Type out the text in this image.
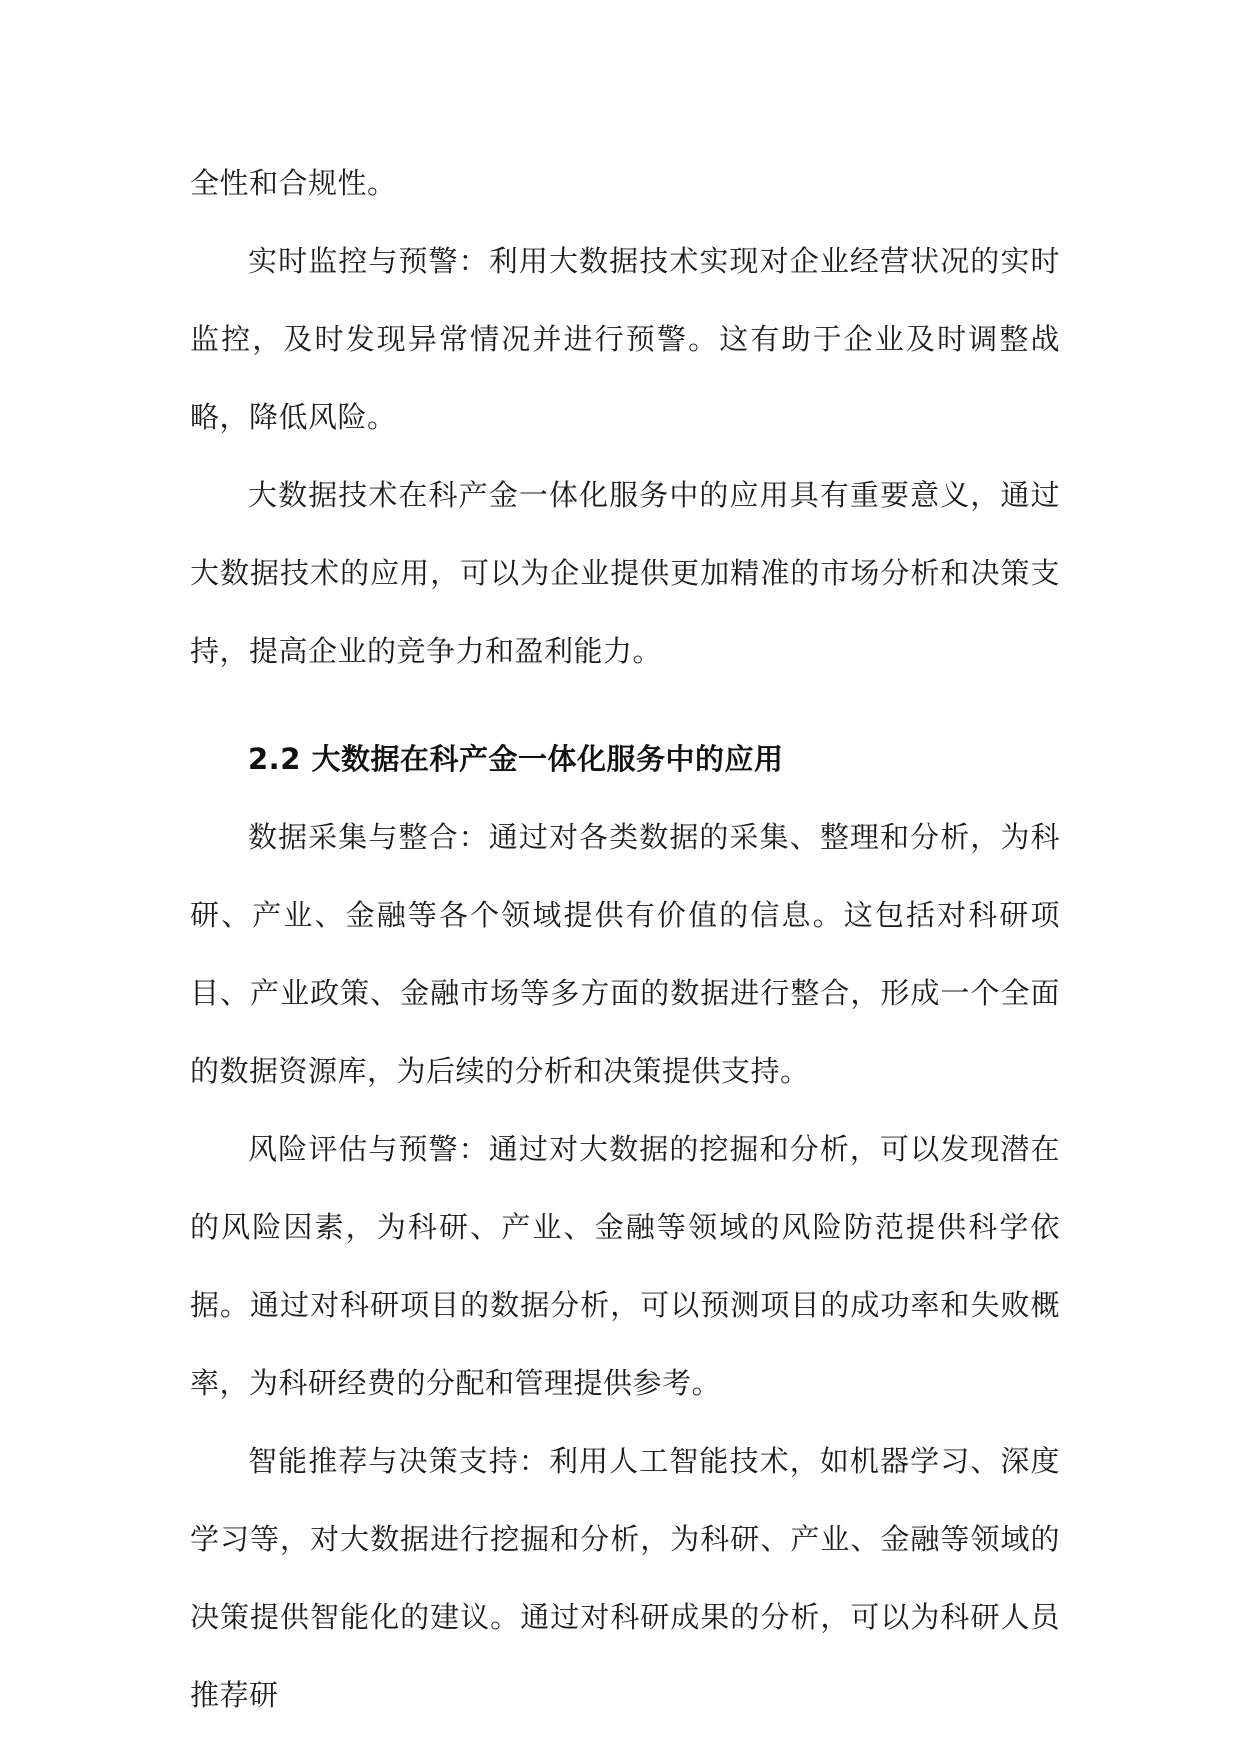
全性和合规性。

实时监控与预警：利用大数据技术实现对企业经营状况的实时监控，及时发现异常情况并进行预警。这有助于企业及时调整战略，降低风险。

大数据技术在科产金一体化服务中的应用具有重要意义，通过大数据技术的应用，可以为企业提供更加精准的市场分析和决策支持，提高企业的竞争力和盈利能力。

2.2 大数据在科产金一体化服务中的应用

数据采集与整合：通过对各类数据的采集、整理和分析，为科研、产业、金融等各个领域提供有价值的信息。这包括对科研项目、产业政策、金融市场等多方面的数据进行整合，形成一个全面的数据资源库，为后续的分析和决策提供支持。

风险评估与预警：通过对大数据的挖掘和分析，可以发现潜在的风险因素，为科研、产业、金融等领域的风险防范提供科学依据。通过对科研项目的数据分析，可以预测项目的成功率和失败概率，为科研经费的分配和管理提供参考。

智能推荐与决策支持：利用人工智能技术，如机器学习、深度学习等，对大数据进行挖掘和分析，为科研、产业、金融等领域的决策提供智能化的建议。通过对科研成果的分析，可以为科研人员推荐研
